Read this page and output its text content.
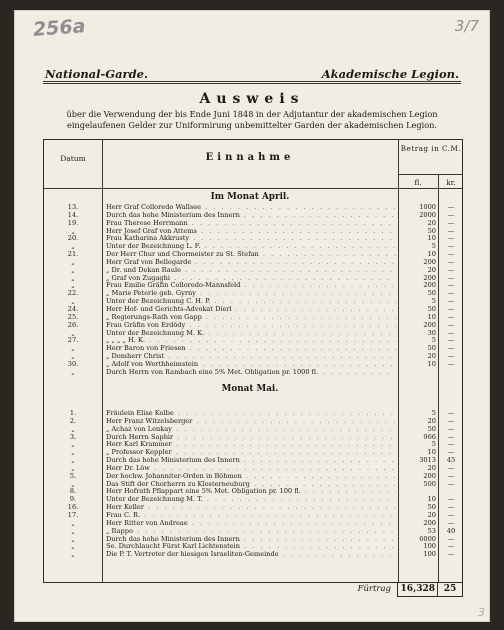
256a	3/7
3
National-Garde.	Akademische Legion.
Ausweis
über die Verwendung der bis Ende Juni 1848 in der Adjutantur der akademischen Legion eingelaufenen Gelder zur Uniformirung unbemittelter Garden der akademischen Legion.
Datum	Einnahme
Betrag in C.M.
fl.	kr.
Im Monat April.
13.	Herr Graf Colloredo Wallsee . . .	1000	—
14.	Durch das hohe Ministerium des Innern . . .	2000	—
19.	Frau Therese Herrmann . . .	20	—
„	Herr Josef Graf von Attems . . .	50	—
20.	Frau Katharina Akkrusty . . .	10	—
„	Unter der Bezeichnung L. F. . . .	5	—
21.	Der Herr Chur und Chormeister zu St. Stefan . . .	10	—
„	Herr Graf von Bellegarde . . .	200	—
„	„ Dr. und Dekan Raule . . .	20	—
„	„ Graf von Zugaghi . . .	200	—
„	Frau Emilie Gräfin Colloredo-Mannsfeld . . .	200	—
22.	„ Marie Peterle geb. Gyrny . . .	50	—
„	Unter der Bezeichnung C. H. P. . . .	5	—
24.	Herr Hof- und Gerichts-Advokat Dierl . . .	50	—
25.	„ Regierungs-Rath von Gapp . . .	10	—
26.	Frau Gräfin von Erdödy . . .	200	—
„	Unter der Bezeichnung M. K. . . .	30	—
27.	„ „ „ „ H. K. . . .	5	—
„	Herr Baron von Friesen . . .	50	—
„	„ Domherr Christ . . .	20	—
30.	„ Adolf von Werthheimstein . . .	10	—
„	Durch Herrn von Rambach eine 5% Met. Obligation pr. 1000 fl. . . .
Monat Mai.
1.	Fräulein Elise Kolbe . . .	5	—
2.	Herr Franz Witzelsberger . . .	20	—
„	„ Achaz von Lenkay . . .	50	—
3.	Durch Herrn Saphir . . .	966	—
„	Herr Karl Krammer . . .	5	—
„	„ Professor Keppler . . .	10	—
„	Durch das hohe Ministerium des Innern . . .	3013	45
„	Herr Dr. Löw . . .	20	—
5.	Der hochw. Johanniter-Orden in Böhmen . . .	200	—
„	Das Stift der Chorherrn zu Klosterneuburg . . .	500	—
8.	Herr Hofrath Pflappart eine 5% Met. Obligation pr. 100 fl. . . .
9.	Unter der Bezeichnung M. T. . . .	10	—
16.	Herr Keller . . .	50	—
17.	Frau C. R. . . .	20	—
„	Herr Ritter von Andreae . . .	200	—
„	„ Rappo . . .	53	40
„	Durch das hohe Ministerium des Innern . . .	6000	—
„	Se. Durchlaucht Fürst Karl Lichtenstein . . .	100	—
„	Die P. T. Vertreter der hiesigen Israeliten-Gemeinde . . .	100	—
Fürtrag	16,328 25
